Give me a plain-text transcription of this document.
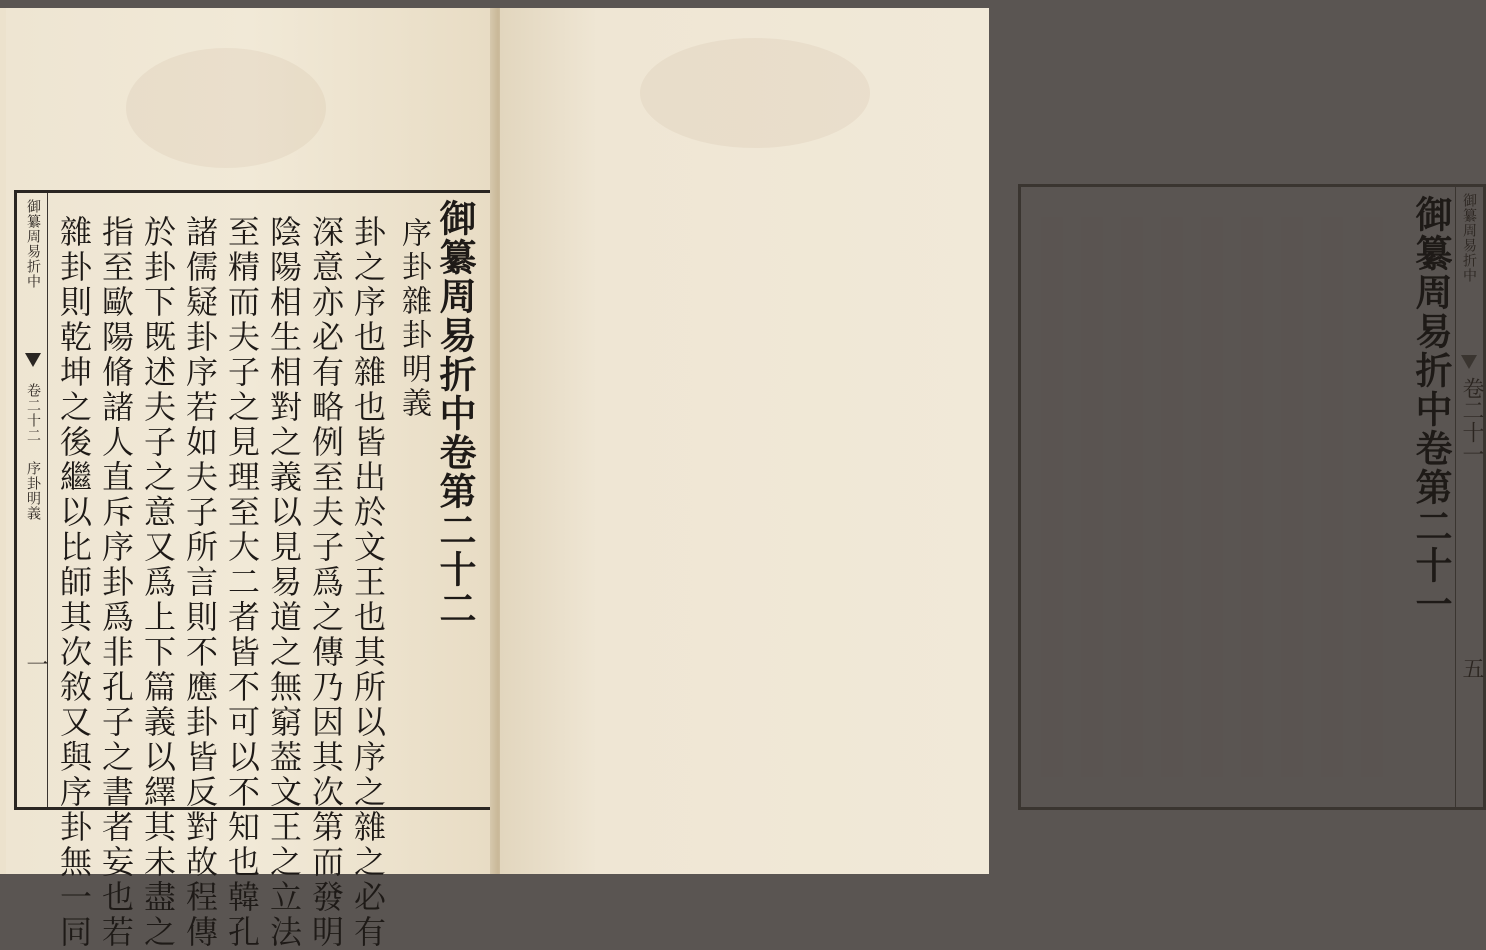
御纂周易折中
卷二十二
序卦明義
一
御纂周易折中卷第二十二
序卦雜卦明義
卦之序也雜也皆出於文王也其所以序之雜之必有
深意亦必有略例至夫子爲之傳乃因其次第而發明
陰陽相生相對之義以見易道之無窮葢文王之立法
至精而夫子之見理至大二者皆不可以不知也韓孔
諸儒疑卦序若如夫子所言則不應卦皆反對故程傳
於卦下既述夫子之意又爲上下篇義以繹其未盡之
指至歐陽脩諸人直斥序卦爲非孔子之書者妄也若
雜卦則乾坤之後繼以比師其次敘又與序卦無一同	御纂周易折中卷第二十一 御纂周易折中
卷二十一
五
